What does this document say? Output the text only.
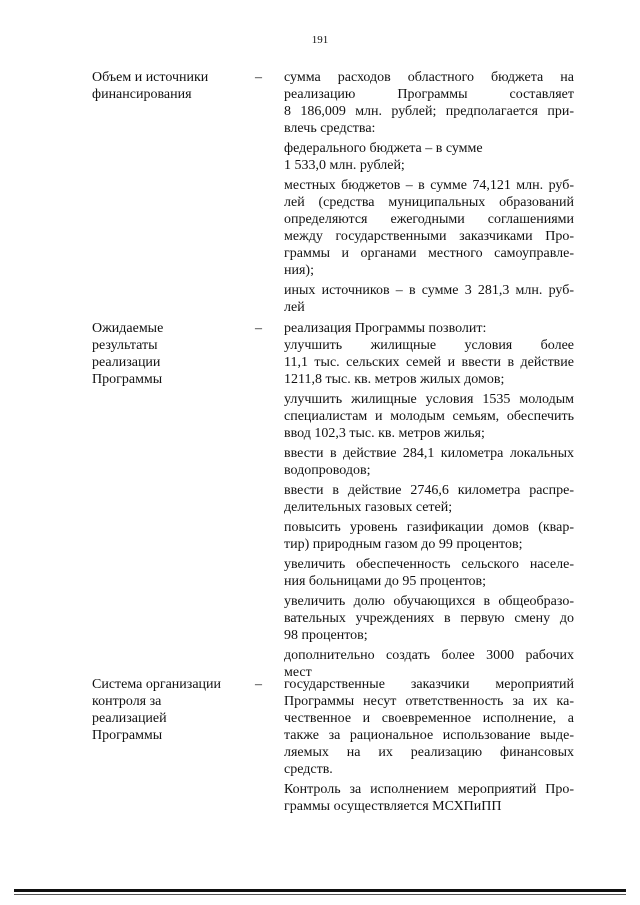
191
Объем и источники
финансирования
– сумма расходов областного бюджета на
реализацию Программы составляет
8 186,009 млн. рублей; предполагается при-
влечь средства:
федерального бюджета – в сумме
1 533,0 млн. рублей;
местных бюджетов – в сумме 74,121 млн. руб-
лей (средства муниципальных образований
определяются ежегодными соглашениями
между государственными заказчиками Про-
граммы и органами местного самоуправле-
ния);
иных источников – в сумме 3 281,3 млн. руб-
лей
Ожидаемые
результаты
реализации
Программы
– реализация Программы позволит:
улучшить жилищные условия более
11,1 тыс. сельских семей и ввести в действие
1211,8 тыс. кв. метров жилых домов;
улучшить жилищные условия 1535 молодым
специалистам и молодым семьям, обеспечить
ввод 102,3 тыс. кв. метров жилья;
ввести в действие 284,1 километра локальных
водопроводов;
ввести в действие 2746,6 километра распре-
делительных газовых сетей;
повысить уровень газификации домов (квар-
тир) природным газом до 99 процентов;
увеличить обеспеченность сельского населе-
ния больницами до 95 процентов;
увеличить долю обучающихся в общеобразо-
вательных учреждениях в первую смену до
98 процентов;
дополнительно создать более 3000 рабочих
мест
Система организации
контроля за
реализацией
Программы
– государственные заказчики мероприятий
Программы несут ответственность за их ка-
чественное и своевременное исполнение, а
также за рациональное использование выде-
ляемых на их реализацию финансовых
средств.
Контроль за исполнением мероприятий Про-
граммы осуществляется МСХПиПП
